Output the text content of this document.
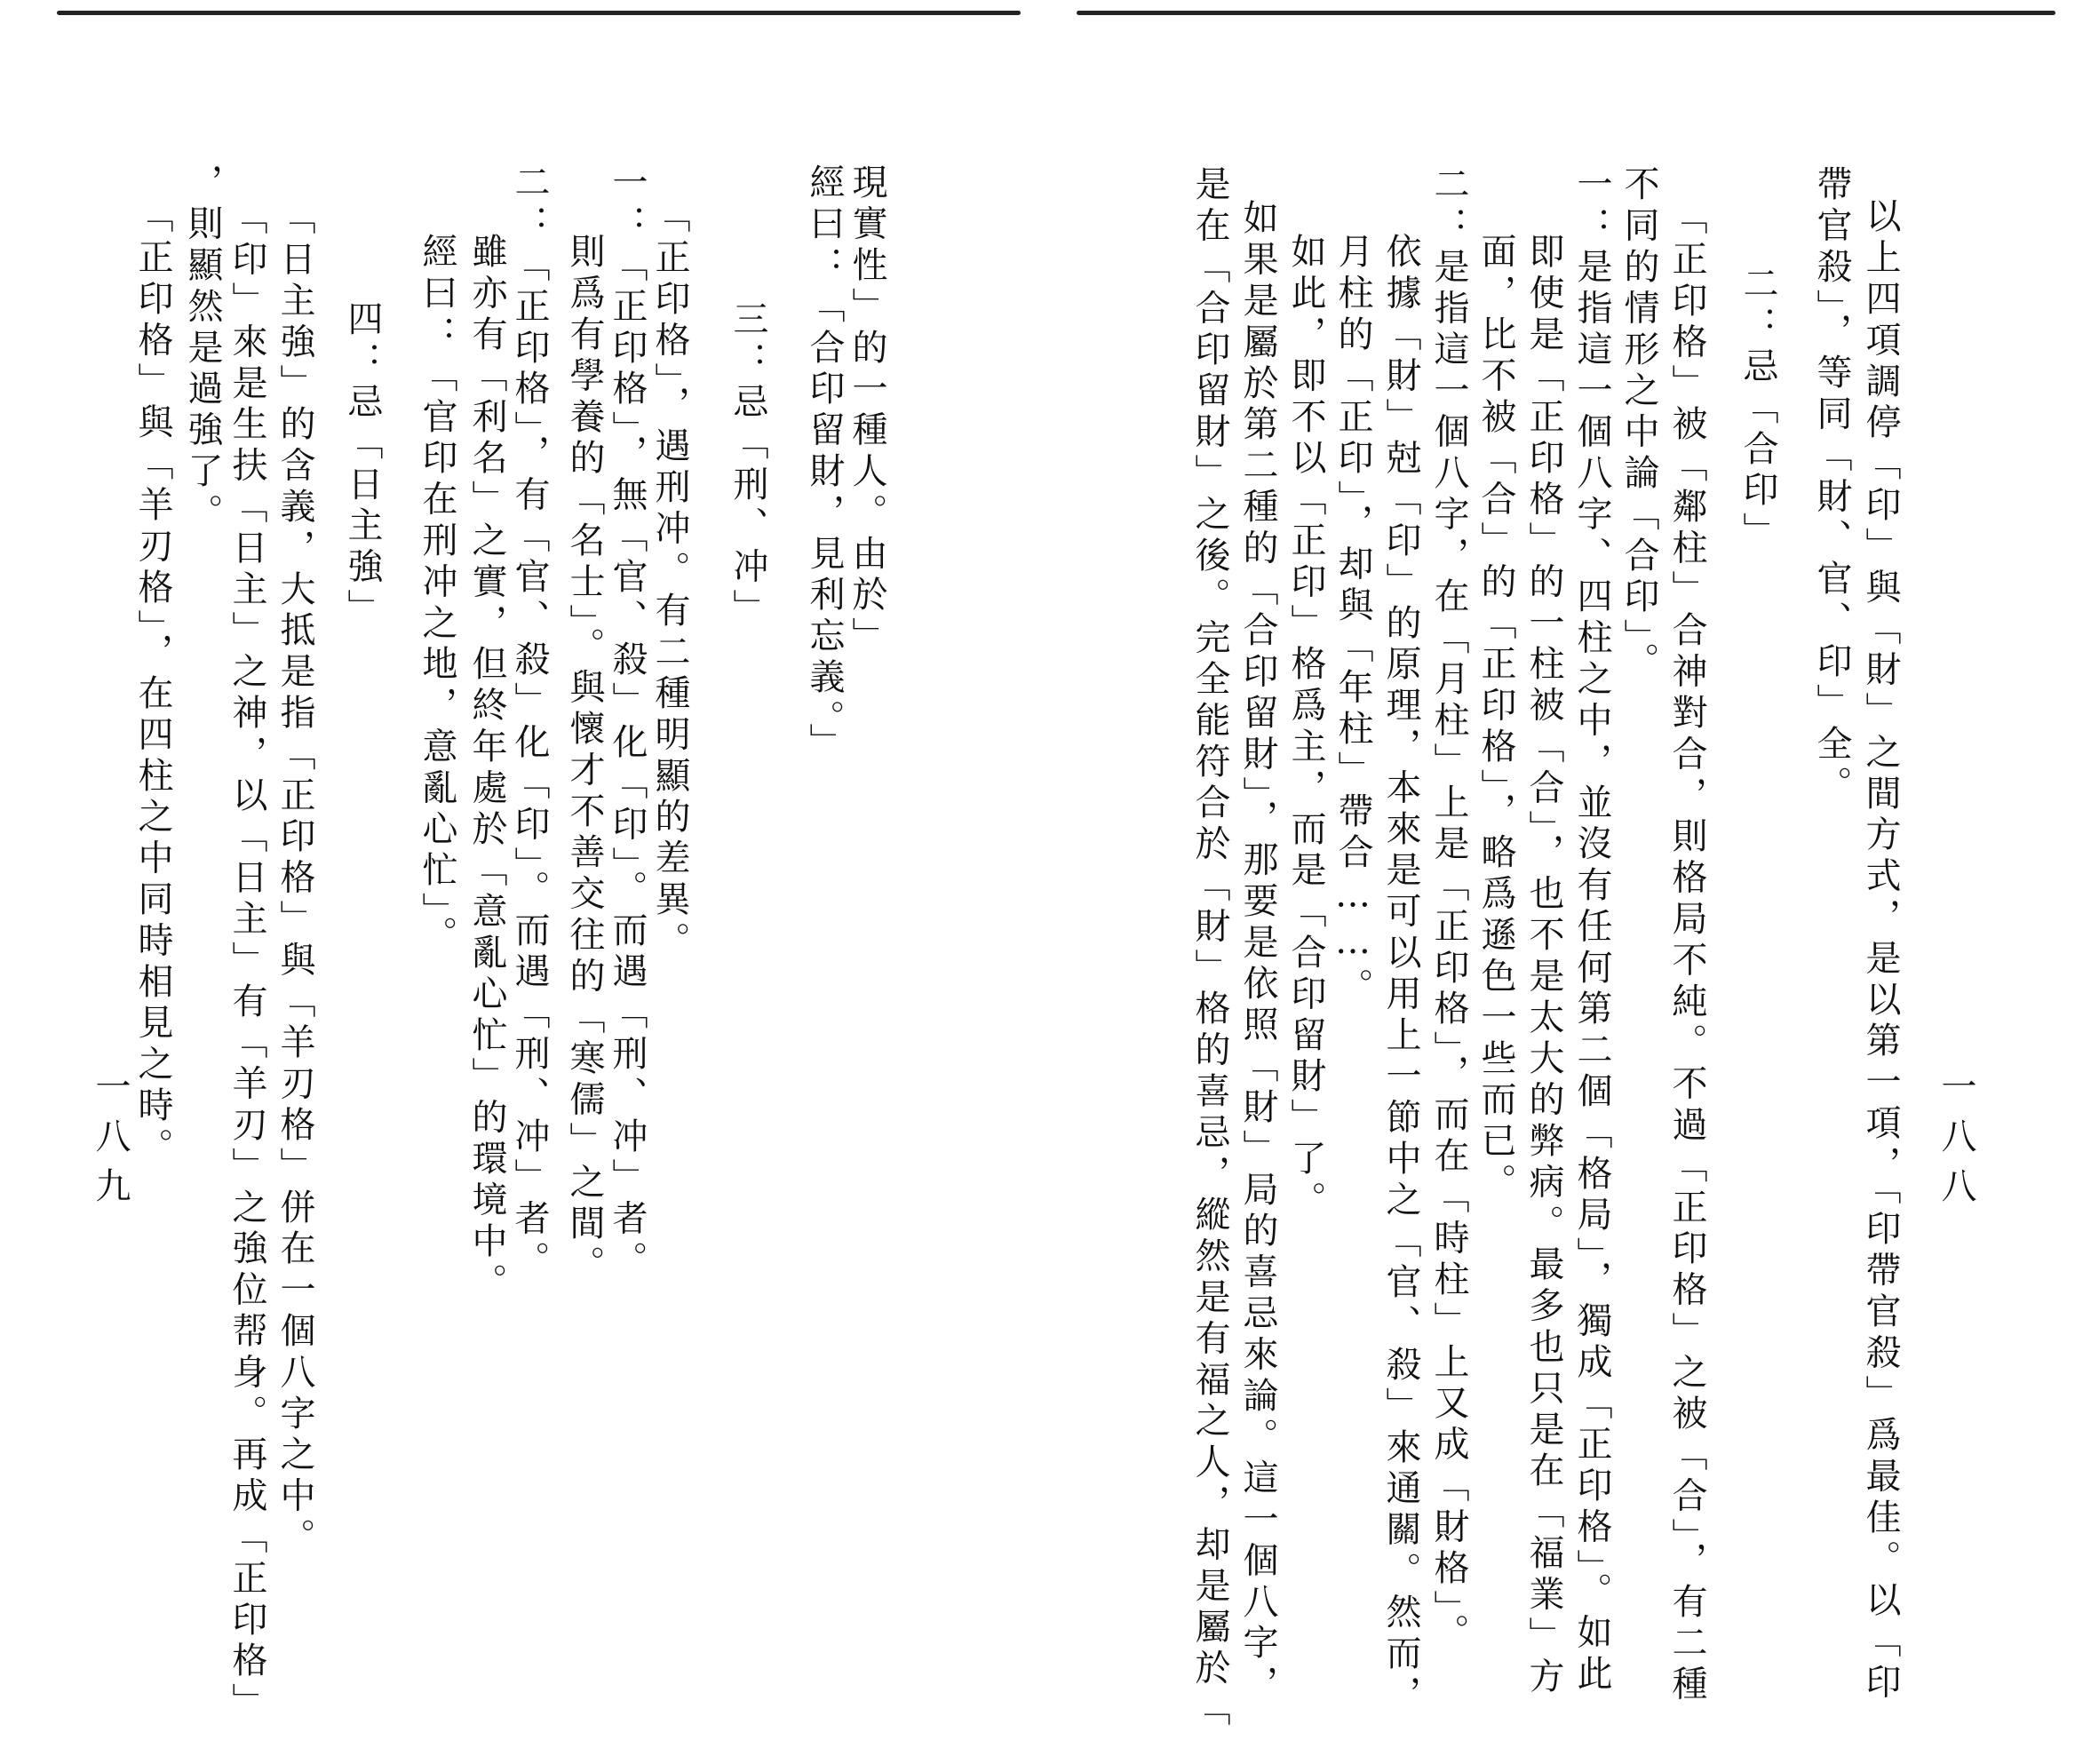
現實性」的一種人。由於」
經曰：「合印留財，見利忘義。」
三：忌「刑、冲」
「正印格」，遇刑冲。有二種明顯的差異。
一：「正印格」，無「官、殺」化「印」。而遇「刑、冲」者。
則爲有學養的「名士」。與懷才不善交往的「寒儒」之間。
二：「正印格」，有「官、殺」化「印」。而遇「刑、冲」者。
雖亦有「利名」之實，但終年處於「意亂心忙」的環境中。
經曰：「官印在刑冲之地，意亂心忙」。
四：忌「日主強」
「日主強」的含義，大抵是指「正印格」與「羊刃格」併在一個八字之中。
「印」來是生扶「日主」之神，以「日主」有「羊刃」之強位帮身。再成「正印格」
，則顯然是過強了。
「正印格」與「羊刃格」，在四柱之中同時相見之時。
一八九	以上四項調停「印」與「財」之間方式，是以第一項，「印帶官殺」爲最佳。以「印
帶官殺」，等同「財、官、印」全。
二：忌「合印」
「正印格」被「鄰柱」合神對合，則格局不純。不過「正印格」之被「合」，有二種
不同的情形之中論「合印」。
一：是指這一個八字、四柱之中，並沒有任何第二個「格局」，獨成「正印格」。如此
即使是「正印格」的一柱被「合」，也不是太大的弊病。最多也只是在「福業」方
面，比不被「合」的「正印格」，略爲遜色一些而已。
二：是指這一個八字，在「月柱」上是「正印格」，而在「時柱」上又成「財格」。
依據「財」尅「印」的原理，本來是可以用上一節中之「官、殺」來通關。然而，
月柱的「正印」，却與「年柱」帶合……。
如此，即不以「正印」格爲主，而是「合印留財」了。
如果是屬於第二種的「合印留財」，那要是依照「財」局的喜忌來論。這一個八字，
是在「合印留財」之後。完全能符合於「財」格的喜忌，縱然是有福之人，却是屬於「	一八八
